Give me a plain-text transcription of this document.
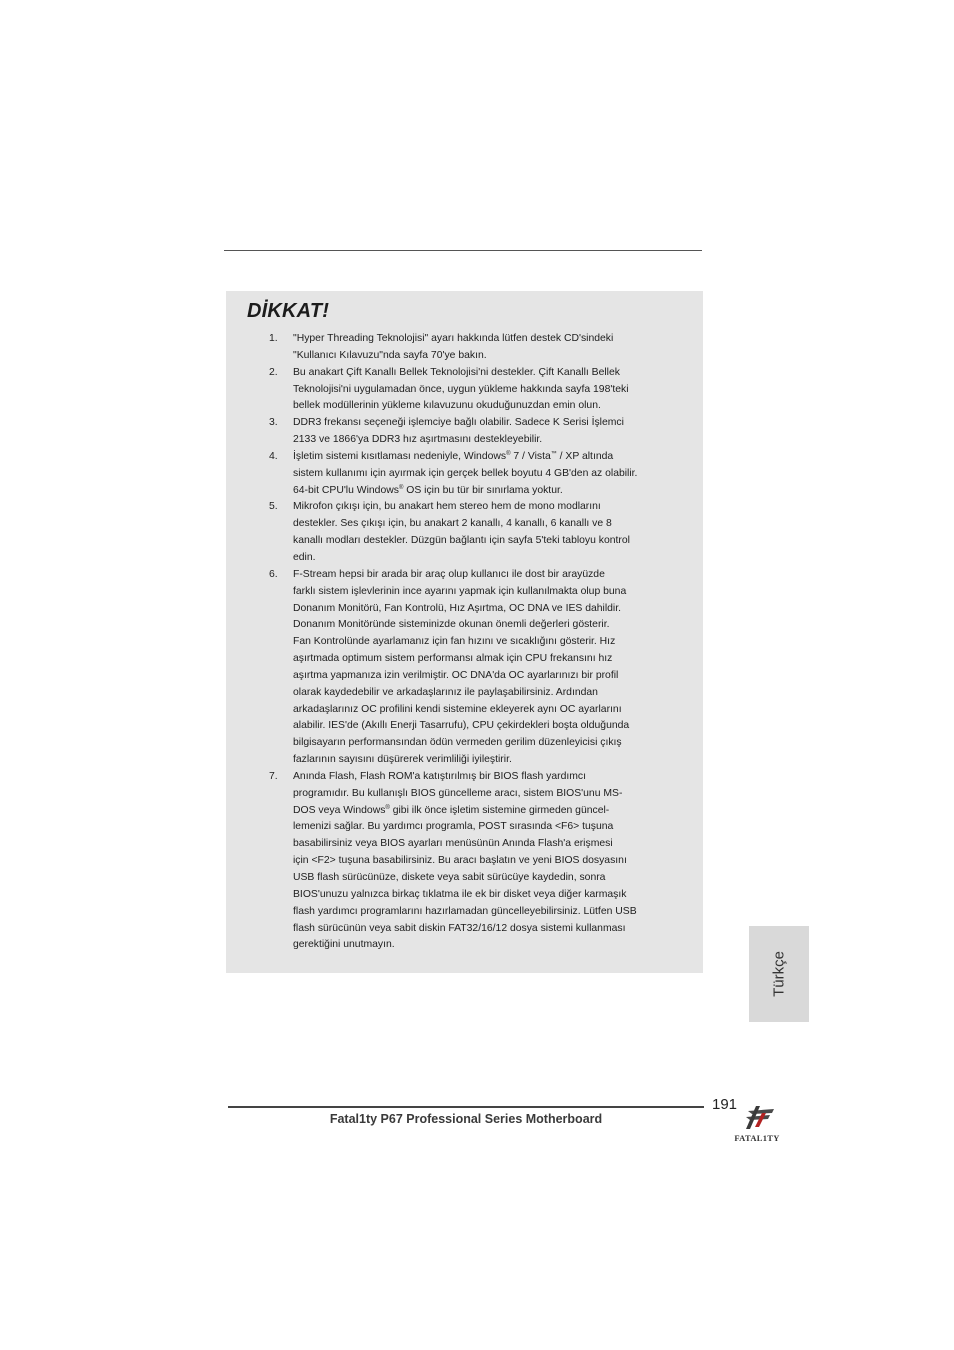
DİKKAT!
1. "Hyper Threading Teknolojisi" ayarı hakkında lütfen destek CD'sindeki
"Kullanıcı Kılavuzu"nda sayfa 70'ye bakın.
2. Bu anakart Çift Kanallı Bellek Teknolojisi'ni destekler. Çift Kanallı Bellek
Teknolojisi'ni uygulamadan önce, uygun yükleme hakkında sayfa 198'teki
bellek modüllerinin yükleme kılavuzunu okuduğunuzdan emin olun.
3. DDR3 frekansı seçeneği işlemciye bağlı olabilir. Sadece K Serisi İşlemci
2133 ve 1866'ya DDR3 hız aşırtmasını destekleyebilir.
4. İşletim sistemi kısıtlaması nedeniyle, Windows® 7 / Vista™ / XP altında
sistem kullanımı için ayırmak için gerçek bellek boyutu 4 GB'den az olabilir.
64-bit CPU'lu Windows® OS için bu tür bir sınırlama yoktur.
5. Mikrofon çıkışı için, bu anakart hem stereo hem de mono modlarını
destekler. Ses çıkışı için, bu anakart 2 kanallı, 4 kanallı, 6 kanallı ve 8
kanallı modları destekler. Düzgün bağlantı için sayfa 5'teki tabloyu kontrol
edin.
6. F-Stream hepsi bir arada bir araç olup kullanıcı ile dost bir arayüzde
farklı sistem işlevlerinin ince ayarını yapmak için kullanılmakta olup buna
Donanım Monitörü, Fan Kontrolü, Hız Aşırtma, OC DNA ve IES dahildir.
Donanım Monitöründe sisteminizde okunan önemli değerleri gösterir.
Fan Kontrolünde ayarlamanız için fan hızını ve sıcaklığını gösterir. Hız
aşırtmada optimum sistem performansı almak için CPU frekansını hız
aşırtma yapmanıza izin verilmiştir. OC DNA'da OC ayarlarınızı bir profil
olarak kaydedebilir ve arkadaşlarınız ile paylaşabilirsiniz. Ardından
arkadaşlarınız OC profilini kendi sistemine ekleyerek aynı OC ayarlarını
alabilir. IES'de (Akıllı Enerji Tasarrufu), CPU çekirdekleri boşta olduğunda
bilgisayarın performansından ödün vermeden gerilim düzenleyicisi çıkış
fazlarının sayısını düşürerek verimliliği iyileştirir.
7. Anında Flash, Flash ROM'a katıştırılmış bir BIOS flash yardımcı
programıdır. Bu kullanışlı BIOS güncelleme aracı, sistem BIOS'unu MS-
DOS veya Windows® gibi ilk önce işletim sistemine girmeden güncel-
lemenizi sağlar. Bu yardımcı programla, POST sırasında <F6> tuşuna
basabilirsiniz veya BIOS ayarları menüsünün Anında Flash'a erişmesi
için <F2> tuşuna basabilirsiniz. Bu aracı başlatın ve yeni BIOS dosyasını
USB flash sürücünüze, diskete veya sabit sürücüye kaydedin, sonra
BIOS'unuzu yalnızca birkaç tıklatma ile ek bir disket veya diğer karmaşık
flash yardımcı programlarını hazırlamadan güncelleyebilirsiniz. Lütfen USB
flash sürücünün veya sabit diskin FAT32/16/12 dosya sistemi kullanması
gerektiğini unutmayın.
Türkçe
191
Fatal1ty P67 Professional Series Motherboard
FATAL1TY
